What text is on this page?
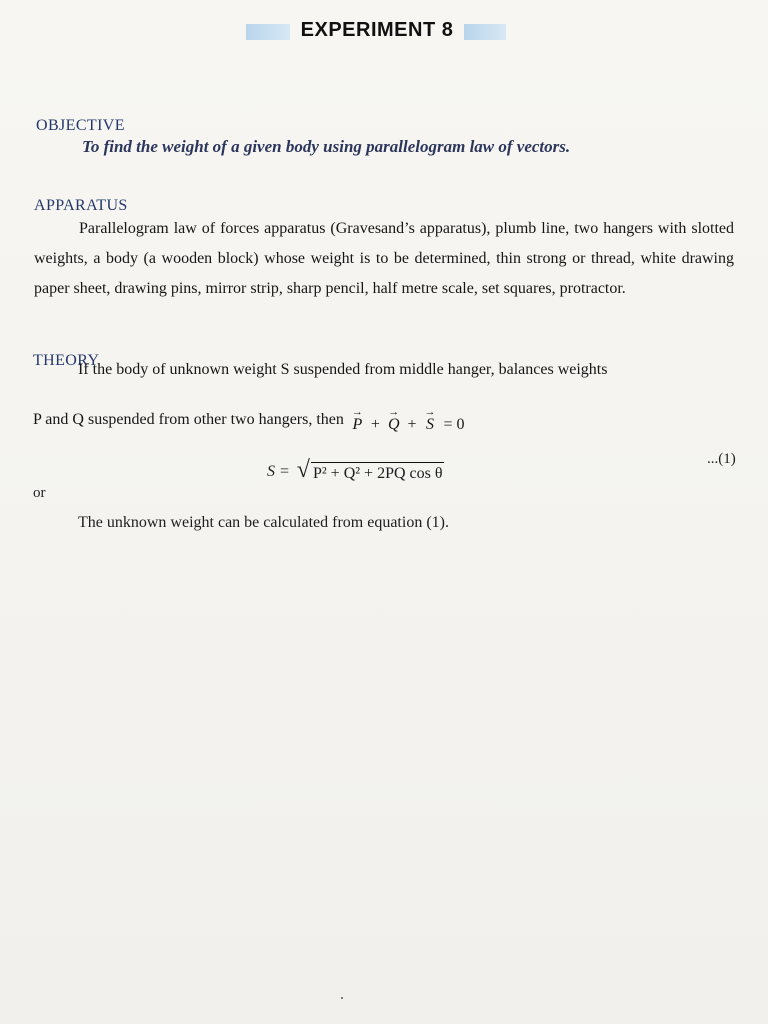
EXPERIMENT 8
OBJECTIVE
To find the weight of a given body using parallelogram law of vectors.
APPARATUS
Parallelogram law of forces apparatus (Gravesand’s apparatus), plumb line, two hangers with slotted weights, a body (a wooden block) whose weight is to be determined, thin strong or thread, white drawing paper sheet, drawing pins, mirror strip, sharp pencil, half metre scale, set squares, protractor.
THEORY
If the body of unknown weight S suspended from middle hanger, balances weights
P and Q suspended from other two hangers, then →
P +
→
Q +
→
S = 0
...(1)
or
S = √ P² + Q² + 2PQ cos θ
The unknown weight can be calculated from equation (1).
